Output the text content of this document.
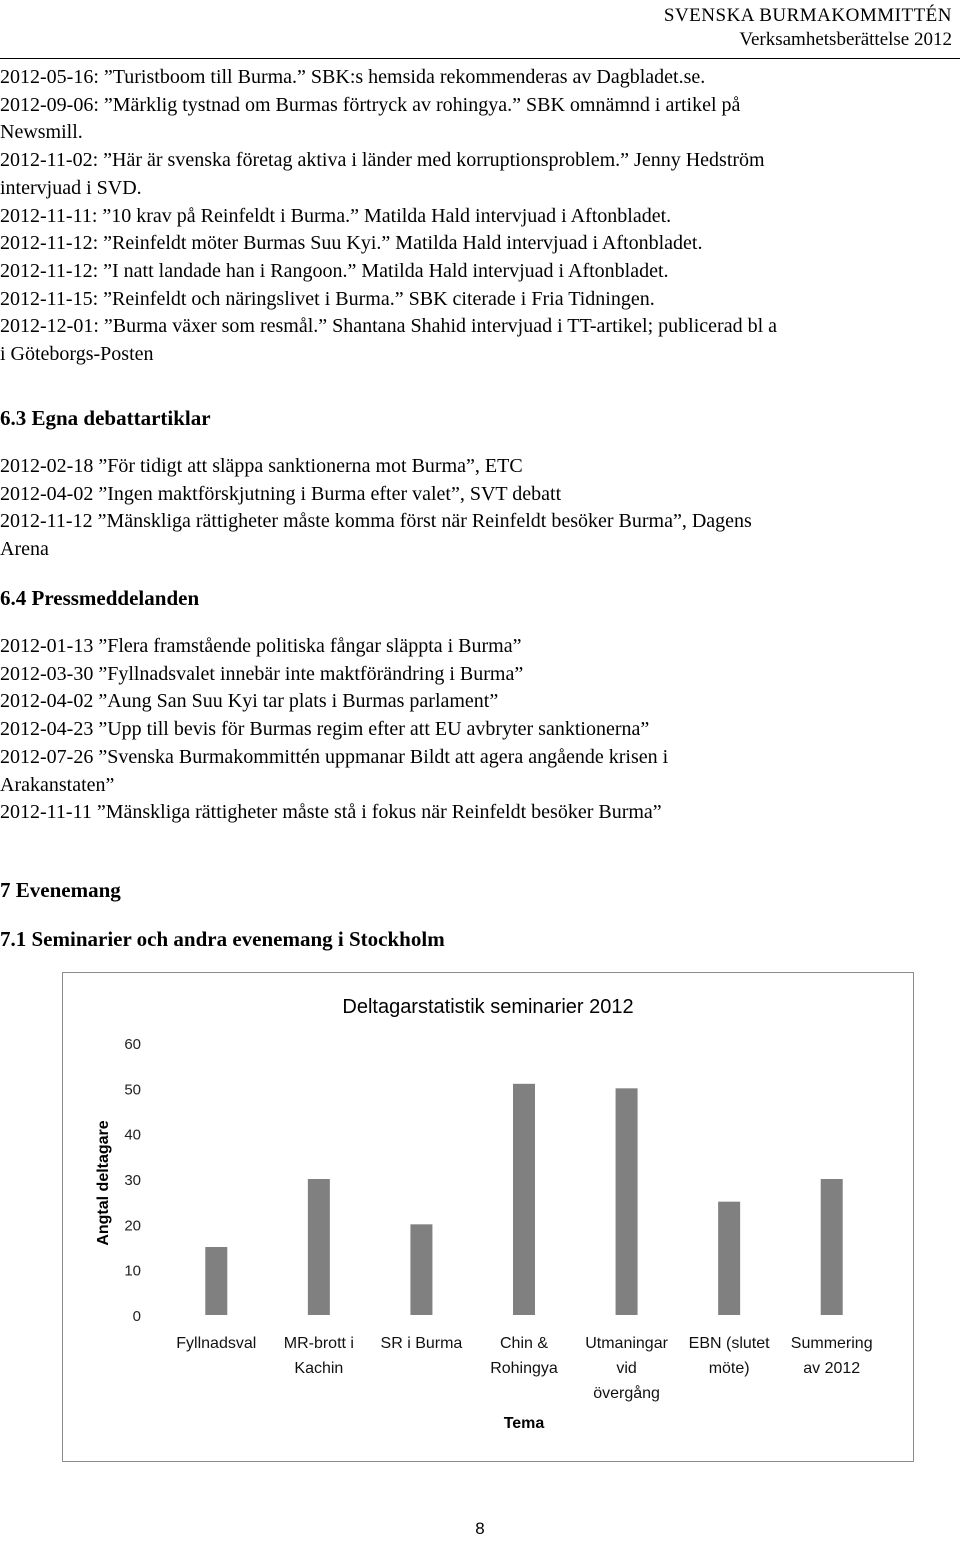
SVENSKA BURMAKOMMITTÉN
Verksamhetsberättelse 2012

2012-05-16: ”Turistboom till Burma.” SBK:s hemsida rekommenderas av Dagbladet.se.

2012-09-06: ”Märklig tystnad om Burmas förtryck av rohingya.” SBK omnämnd i artikel på

Newsmill.

2012-11-02: ”Här är svenska företag aktiva i länder med korruptionsproblem.” Jenny Hedström

intervjuad i SVD.

2012-11-11: ”10 krav på Reinfeldt i Burma.” Matilda Hald intervjuad i Aftonbladet.

2012-11-12: ”Reinfeldt möter Burmas Suu Kyi.” Matilda Hald intervjuad i Aftonbladet.

2012-11-12: ”I natt landade han i Rangoon.” Matilda Hald intervjuad i Aftonbladet.

2012-11-15: ”Reinfeldt och näringslivet i Burma.” SBK citerade i Fria Tidningen.

2012-12-01: ”Burma växer som resmål.” Shantana Shahid intervjuad i TT-artikel; publicerad bl a

i Göteborgs-Posten

6.3 Egna debattartiklar

2012-02-18 ”För tidigt att släppa sanktionerna mot Burma”, ETC

2012-04-02 ”Ingen maktförskjutning i Burma efter valet”, SVT debatt

2012-11-12 ”Mänskliga rättigheter måste komma först när Reinfeldt besöker Burma”, Dagens

Arena

6.4 Pressmeddelanden

2012-01-13 ”Flera framstående politiska fångar släppta i Burma”

2012-03-30 ”Fyllnadsvalet innebär inte maktförändring i Burma”

2012-04-02 ”Aung San Suu Kyi tar plats i Burmas parlament”

2012-04-23 ”Upp till bevis för Burmas regim efter att EU avbryter sanktionerna”

2012-07-26 ”Svenska Burmakommittén uppmanar Bildt att agera angående krisen i

Arakanstaten”

2012-11-11 ”Mänskliga rättigheter måste stå i fokus när Reinfeldt besöker Burma”

7 Evenemang
7.1 Seminarier och andra evenemang i Stockholm
Deltagarstatistik seminarier 2012
0
10
20
30
40
50
60
Angtal deltagare
Fyllnadsval MR-brott i
Kachin
SR i Burma Chin &
Rohingya
Utmaningar
vid
övergång
EBN (slutet
möte)
Summering
av 2012
Tema
8
